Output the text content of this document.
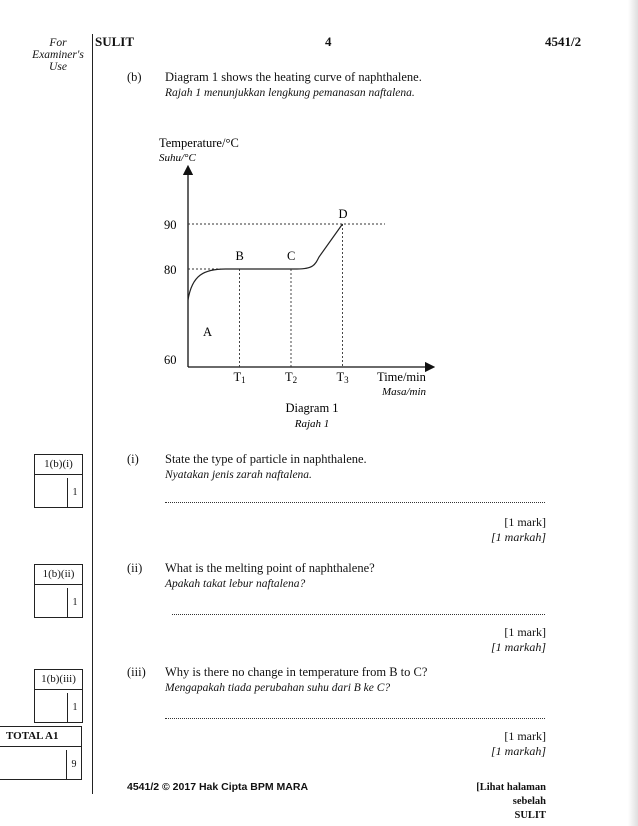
For
Examiner's
Use
SULIT	4	4541/2
(b) Diagram 1 shows the heating curve of naphthalene.
Rajah 1 menunjukkan lengkung pemanasan naftalena.
Temperature/°C
Suhu/°C
90
80
60
T1	T2	T3
A
B	C
D
Time/min
Masa/min
Diagram 1
Rajah 1
1(b)(i)
1
(i) State the type of particle in naphthalene.
Nyatakan jenis zarah naftalena.
[1 mark]
[1 markah]
1(b)(ii)
1
(ii) What is the melting point of naphthalene?
Apakah takat lebur naftalena?
[1 mark]
[1 markah]
1(b)(iii)
1
(iii) Why is there no change in temperature from B to C?
Mengapakah tiada perubahan suhu dari B ke C?
[1 mark]
[1 markah]
TOTAL A1
9
4541/2 © 2017 Hak Cipta BPM MARA	[Lihat halaman sebelah
SULIT
